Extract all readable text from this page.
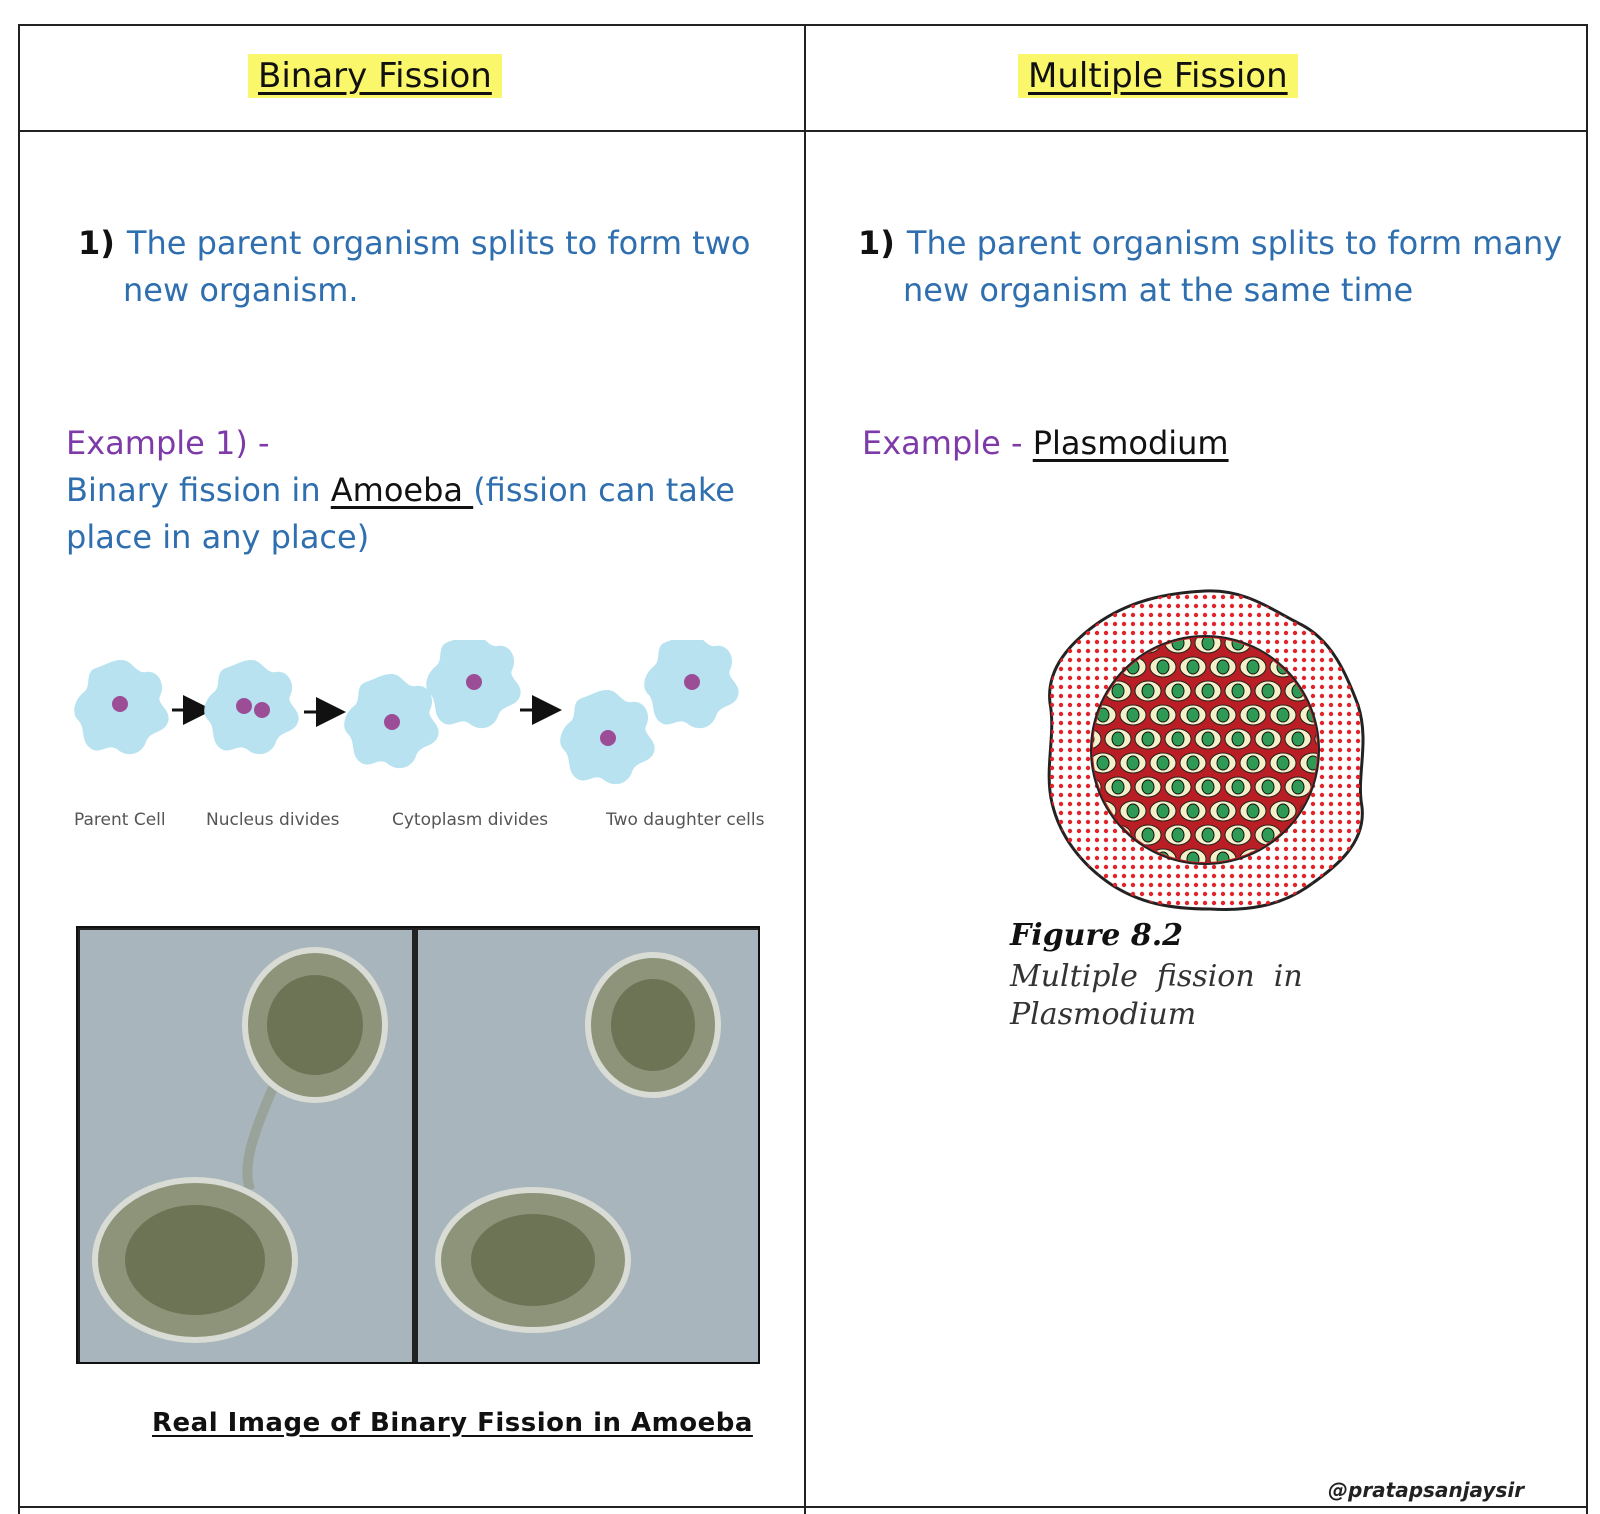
Binary Fission	Multiple Fission
1) The parent organism splits to form two
new organism.
1) The parent organism splits to form many
new organism at the same time
Example 1) -
Binary fission in Amoeba (fission can take
place in any place)
Example - Plasmodium
Parent Cell Nucleus divides	Cytoplasm divides	Two daughter cells
Real Image of Binary Fission in Amoeba
Figure 8.2
Multiple  fission  in
Plasmodium
@pratapsanjaysir
